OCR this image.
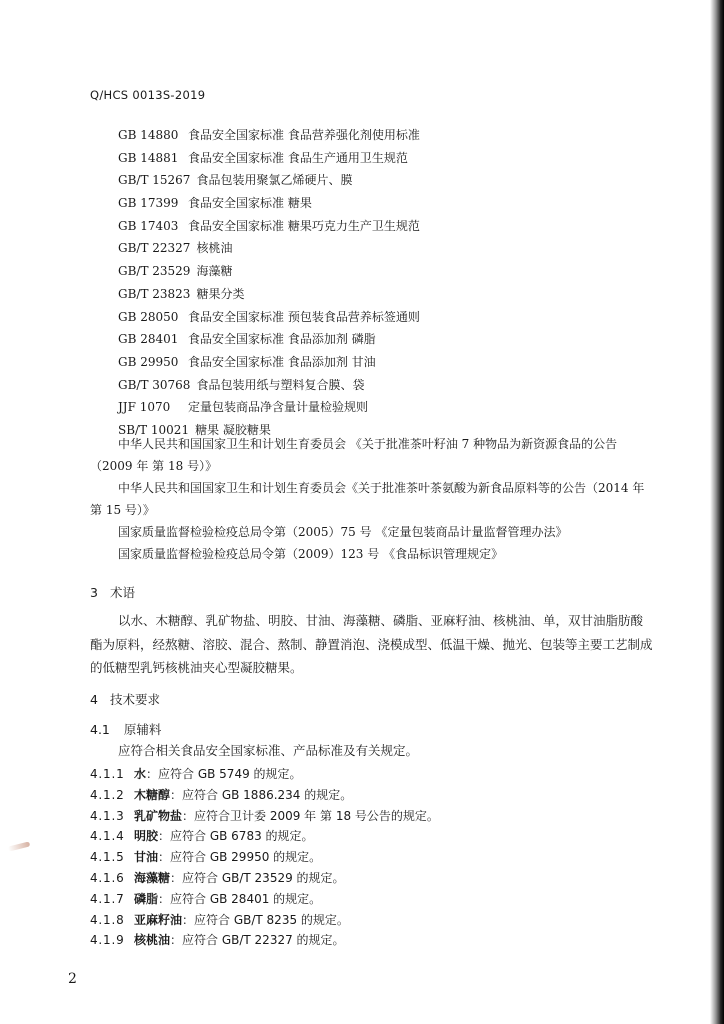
Q/HCS 0013S-2019
GB 14880 食品安全国家标准 食品营养强化剂使用标准
GB 14881 食品安全国家标准 食品生产通用卫生规范
GB/T 15267 食品包装用聚氯乙烯硬片、膜
GB 17399 食品安全国家标准 糖果
GB 17403 食品安全国家标准 糖果巧克力生产卫生规范
GB/T 22327 核桃油
GB/T 23529 海藻糖
GB/T 23823 糖果分类
GB 28050 食品安全国家标准 预包装食品营养标签通则
GB 28401 食品安全国家标准 食品添加剂 磷脂
GB 29950 食品安全国家标准 食品添加剂 甘油
GB/T 30768 食品包装用纸与塑料复合膜、袋
JJF 1070 定量包装商品净含量计量检验规则
SB/T 10021 糖果 凝胶糖果

中华人民共和国国家卫生和计划生育委员会 《关于批准茶叶籽油 7 种物品为新资源食品的公告（2009 年 第 18 号）》

中华人民共和国国家卫生和计划生育委员会《关于批准茶叶茶氨酸为新食品原料等的公告（2014 年 第 15 号）》

国家质量监督检验检疫总局令第（2005）75 号 《定量包装商品计量监督管理办法》

国家质量监督检验检疫总局令第（2009）123 号 《食品标识管理规定》

3 术语

以水、木糖醇、乳矿物盐、明胶、甘油、海藻糖、磷脂、亚麻籽油、核桃油、单，双甘油脂肪酸酯为原料，经熬糖、溶胶、混合、熬制、静置消泡、浇模成型、低温干燥、抛光、包装等主要工艺制成的低糖型乳钙核桃油夹心型凝胶糖果。

4 技术要求
4.1 原辅料

应符合相关食品安全国家标准、产品标准及有关规定。

4.1.1 水：应符合 GB 5749 的规定。
4.1.2 木糖醇：应符合 GB 1886.234 的规定。
4.1.3 乳矿物盐：应符合卫计委 2009 年 第 18 号公告的规定。
4.1.4 明胶：应符合 GB 6783 的规定。
4.1.5 甘油：应符合 GB 29950 的规定。
4.1.6 海藻糖：应符合 GB/T 23529 的规定。
4.1.7 磷脂：应符合 GB 28401 的规定。
4.1.8 亚麻籽油：应符合 GB/T 8235 的规定。
4.1.9 核桃油：应符合 GB/T 22327 的规定。
2
